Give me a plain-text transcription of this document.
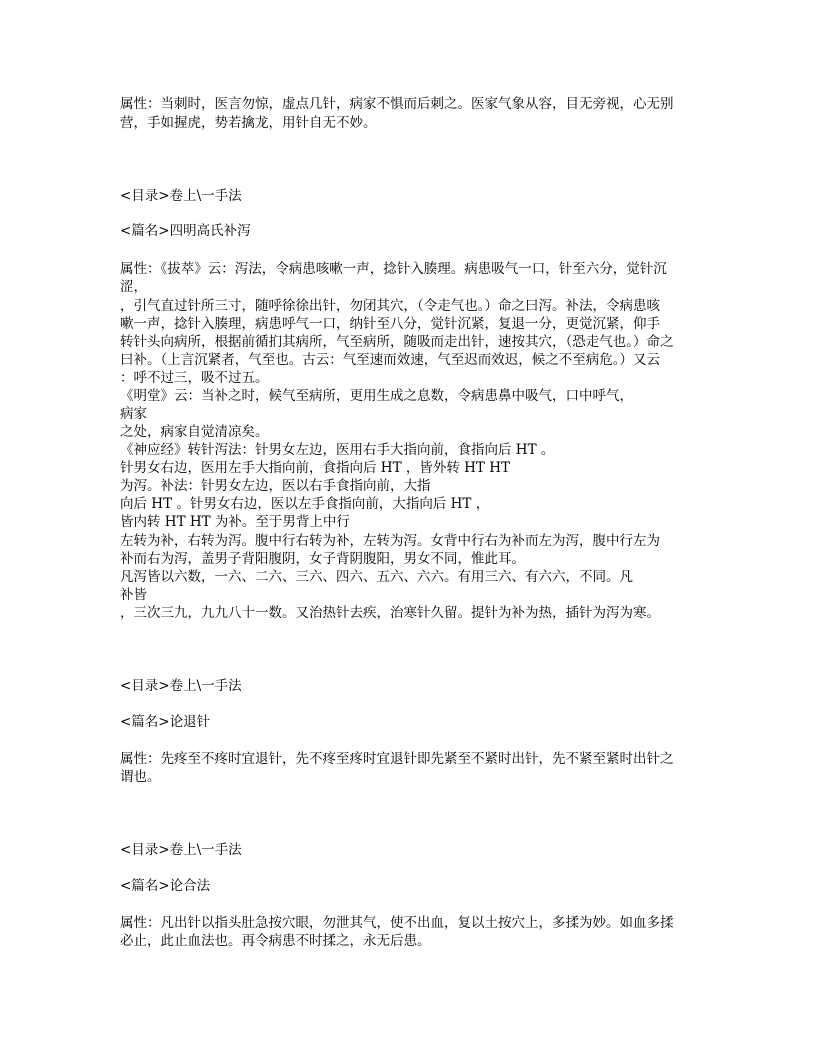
属性：当刺时，医言勿惊，虚点几针，病家不惧而后刺之。医家气象从容，目无旁视，心无别
营，手如握虎，势若擒龙，用针自无不妙。
<目录>卷上\一手法
<篇名>四明高氏补泻
属性：《拔萃》云：泻法，令病患咳嗽一声，捻针入腠理。病患吸气一口，针至六分，觉针沉
涩，
，引气直过针所三寸，随呼徐徐出针，勿闭其穴，（令走气也。）命之曰泻。补法，令病患咳
嗽一声，捻针入腠理，病患呼气一口，纳针至八分，觉针沉紧，复退一分，更觉沉紧，仰手
转针头向病所，根据前循扪其病所，气至病所，随吸而走出针，速按其穴，（恐走气也。）命之
曰补。（上言沉紧者，气至也。古云：气至速而效速，气至迟而效迟，候之不至病危。）又云
：呼不过三，吸不过五。
《明堂》云：当补之时，候气至病所，更用生成之息数，令病患鼻中吸气，口中呼气，
病家
之处，病家自觉清凉矣。
《神应经》转针泻法：针男女左边，医用右手大指向前，食指向后 HT 。
针男女右边，医用左手大指向前，食指向后 HT ，皆外转 HT HT
为泻。补法：针男女左边，医以右手食指向前，大指
向后 HT 。针男女右边，医以左手食指向前，大指向后 HT ，
皆内转 HT HT 为补。至于男背上中行
左转为补，右转为泻。腹中行右转为补，左转为泻。女背中行右为补而左为泻，腹中行左为
补而右为泻，盖男子背阳腹阴，女子背阴腹阳，男女不同，惟此耳。
凡泻皆以六数，一六、二六、三六、四六、五六、六六。有用三六、有六六，不同。凡
补皆
，三次三九，九九八十一数。又治热针去疾，治寒针久留。提针为补为热，插针为泻为寒。
<目录>卷上\一手法
<篇名>论退针
属性：先疼至不疼时宜退针，先不疼至疼时宜退针即先紧至不紧时出针，先不紧至紧时出针之
谓也。
<目录>卷上\一手法
<篇名>论合法
属性：凡出针以指头肚急按穴眼，勿泄其气，使不出血，复以土按穴上，多揉为妙。如血多揉
必止，此止血法也。再令病患不时揉之，永无后患。
